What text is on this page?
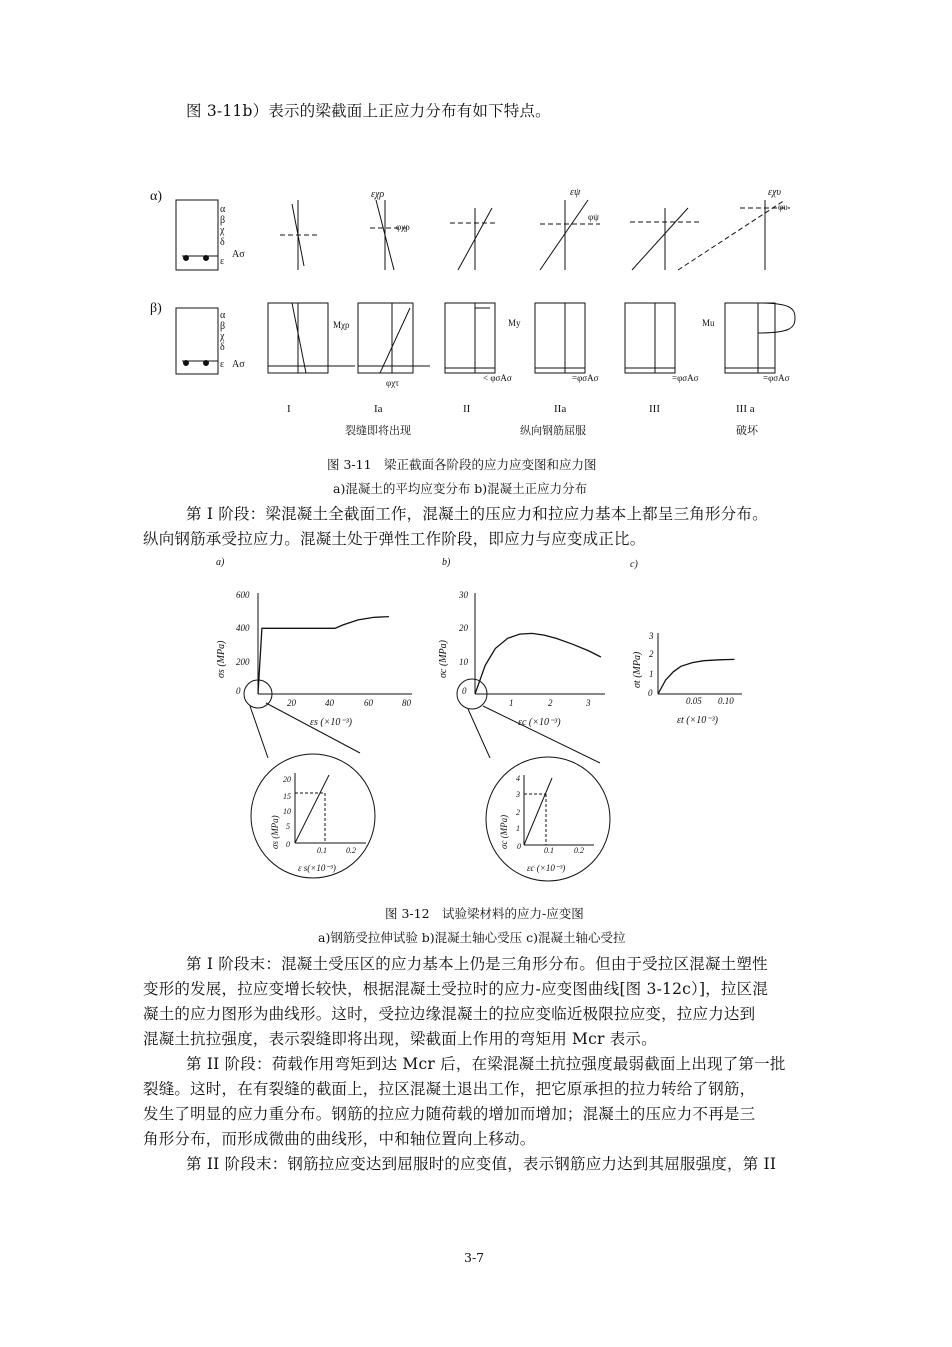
图 3-11b）表示的梁截面上正应力分布有如下特点。
α)
β)
α
β
χ
δ
ε
Aσ
εχρ
φχρ
εψ
φψ
εχυ
φυ
α
β
χ
δ
ε Aσ
Mχρ	My	Mu
φχτ	< φσAσ	=φσAσ	=φσAσ	=φσAσ
I	Ia	II	IIa	III	III a
裂缝即将出现	纵向钢筋屈服	破坏
图 3-11　梁正截面各阶段的应力应变图和应力图
a)混凝土的平均应变分布 b)混凝土正应力分布
第 I 阶段：梁混凝土全截面工作，混凝土的压应力和拉应力基本上都呈三角形分布。
纵向钢筋承受拉应力。混凝土处于弹性工作阶段，即应力与应变成正比。
a)	b)	c)
0
200
400
600
20	40	60	80
εs (×10⁻³)
σs (MPa)
0
10
20
30
1	2	3
εc (×10⁻³)
σc (MPa)
0
1
2
3
0.05 0.10
εt (×10⁻³)
σt (MPa)
20
15
10
5
0
0.1 0.2
ε s(×10⁻³)
σs (MPa)
4
3
2
1
0	0.1	0.2
εc (×10⁻³)
σc (MPa)
图 3-12　试验梁材料的应力-应变图
a)钢筋受拉伸试验 b)混凝土轴心受压 c)混凝土轴心受拉
第 I 阶段末：混凝土受压区的应力基本上仍是三角形分布。但由于受拉区混凝土塑性
变形的发展，拉应变增长较快，根据混凝土受拉时的应力-应变图曲线[图 3-12c）]，拉区混
凝土的应力图形为曲线形。这时，受拉边缘混凝土的拉应变临近极限拉应变，拉应力达到
混凝土抗拉强度，表示裂缝即将出现，梁截面上作用的弯矩用 Mcr 表示。
第 II 阶段：荷载作用弯矩到达 Mcr 后，在梁混凝土抗拉强度最弱截面上出现了第一批
裂缝。这时，在有裂缝的截面上，拉区混凝土退出工作，把它原承担的拉力转给了钢筋，
发生了明显的应力重分布。钢筋的拉应力随荷载的增加而增加；混凝土的压应力不再是三
角形分布，而形成微曲的曲线形，中和轴位置向上移动。
第 II 阶段末：钢筋拉应变达到屈服时的应变值，表示钢筋应力达到其屈服强度，第 II
3-7
